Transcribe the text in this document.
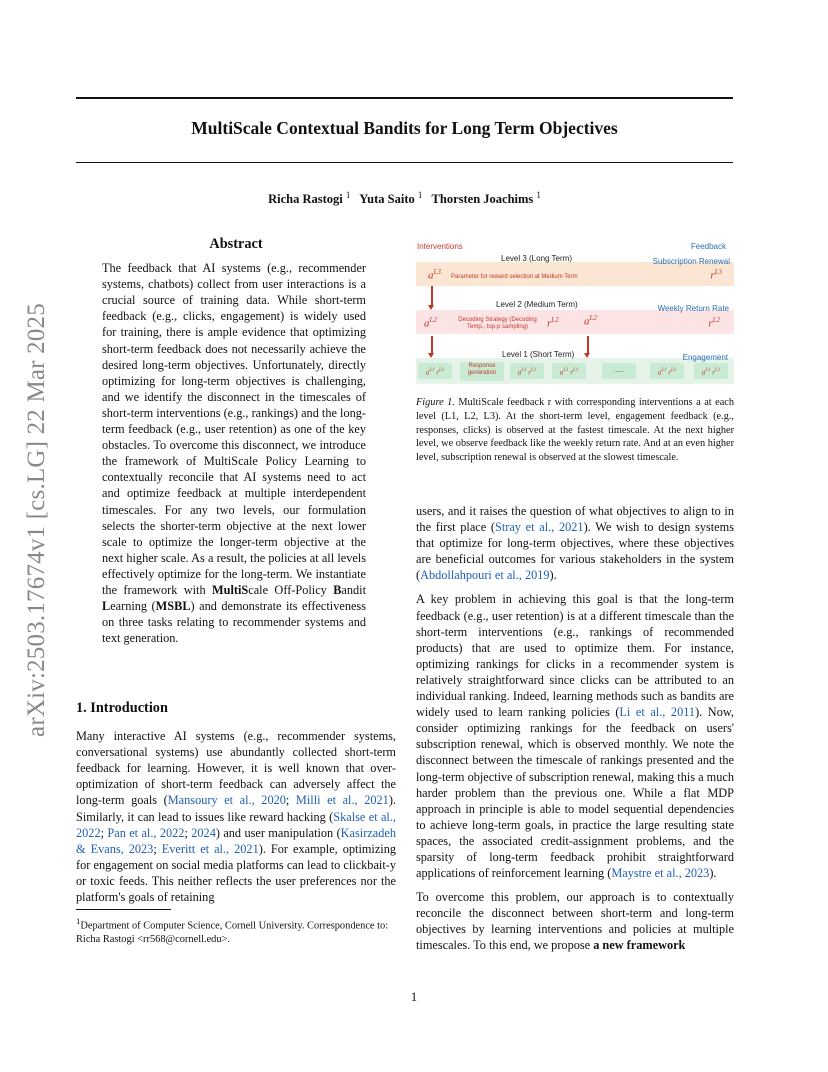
MultiScale Contextual Bandits for Long Term Objectives
Richa Rastogi $^1$ Yuta Saito $^1$ Thorsten Joachims $^1$
arXiv:2503.17674v1 [cs.LG] 22 Mar 2025
Abstract
The feedback that AI systems (e.g., recommender systems, chatbots) collect from user interactions is a crucial source of training data. While short-term feedback (e.g., clicks, engagement) is widely used for training, there is ample evidence that optimizing short-term feedback does not necessarily achieve the desired long-term objectives. Unfortunately, directly optimizing for long-term objectives is challenging, and we identify the disconnect in the timescales of short-term interventions (e.g., rankings) and the long-term feedback (e.g., user retention) as one of the key obstacles. To overcome this disconnect, we introduce the framework of MultiScale Policy Learning to contextually reconcile that AI systems need to act and optimize feedback at multiple interdependent timescales. For any two levels, our formulation selects the shorter-term objective at the next lower scale to optimize the longer-term objective at the next higher scale. As a result, the policies at all levels effectively optimize for the long-term. We instantiate the framework with MultiScale Off-Policy Bandit Learning (MSBL) and demonstrate its effectiveness on three tasks relating to recommender systems and text generation.
1. Introduction

Many interactive AI systems (e.g., recommender systems, conversational systems) use abundantly collected short-term feedback for learning. However, it is well known that over-optimization of short-term feedback can adversely affect the long-term goals (Mansoury et al., 2020; Milli et al., 2021). Similarly, it can lead to issues like reward hacking (Skalse et al., 2022; Pan et al., 2022; 2024) and user manipulation (Kasirzadeh & Evans, 2023; Everitt et al., 2021). For example, optimizing for engagement on social media platforms can lead to clickbait-y or toxic feeds. This neither reflects the user preferences nor the platform's goals of retaining

$^1$Department of Computer Science, Cornell University. Correspondence to: Richa Rastogi <rr568@cornell.edu>.
Interventions	Feedback
Level 3 (Long Term)	Subscription Renewal
$a^{L3}$
Parameter for reward selection at Medium Term	$r^{L3}$
Level 2 (Medium Term)	Weekly Return Rate
$a^{L2}$	Decoding Strategy (Decoding Temp., top-p sampling)	$r^{L2}$ $a^{L2}$	$r^{L2}$
Level 1 (Short Term)	Engagement
$a^{L1}$ $r^{L1}$
Response generation	$a^{L1}$ $r^{L1}$	$a^{L1}$ $r^{L1}$	......	$a^{L1}$ $r^{L1}$	$a^{L1}$ $r^{L1}$
Figure 1. MultiScale feedback r with corresponding interventions a at each level (L1, L2, L3). At the short-term level, engagement feedback (e.g., responses, clicks) is observed at the fastest timescale. At the next higher level, we observe feedback like the weekly return rate. And at an even higher level, subscription renewal is observed at the slowest timescale.

users, and it raises the question of what objectives to align to in the first place (Stray et al., 2021). We wish to design systems that optimize for long-term objectives, where these objectives are beneficial outcomes for various stakeholders in the system (Abdollahpouri et al., 2019).

A key problem in achieving this goal is that the long-term feedback (e.g., user retention) is at a different timescale than the short-term interventions (e.g., rankings of recommended products) that are used to optimize them. For instance, optimizing rankings for clicks in a recommender system is relatively straightforward since clicks can be attributed to an individual ranking. Indeed, learning methods such as bandits are widely used to learn ranking policies (Li et al., 2011). Now, consider optimizing rankings for the feedback on users' subscription renewal, which is observed monthly. We note the disconnect between the timescale of rankings presented and the long-term objective of subscription renewal, making this a much harder problem than the previous one. While a flat MDP approach in principle is able to model sequential dependencies to achieve long-term goals, in practice the large resulting state spaces, the associated credit-assignment problems, and the sparsity of long-term feedback prohibit straightforward applications of reinforcement learning (Maystre et al., 2023).

To overcome this problem, our approach is to contextually reconcile the disconnect between short-term and long-term objectives by learning interventions and policies at multiple timescales. To this end, we propose a new framework

1
